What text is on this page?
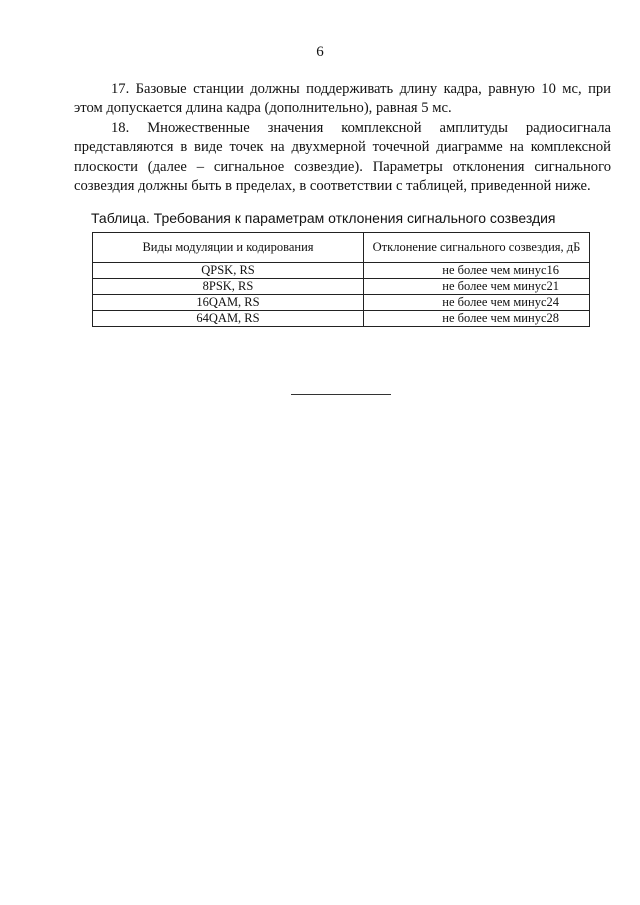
6

17. Базовые станции должны поддерживать длину кадра, равную 10 мс, при этом допускается длина кадра (дополнительно), равная 5 мс.

18. Множественные значения комплексной амплитуды радиосигнала представляются в виде точек на двухмерной точечной диаграмме на комплексной плоскости (далее – сигнальное созвездие). Параметры отклонения сигнального созвездия должны быть в пределах, в соответствии с таблицей, приведенной ниже.

Таблица. Требования к параметрам отклонения сигнального созвездия
Виды модуляции и кодирования	Отклонение сигнального созвездия, дБ
QPSK, RS	не более чем минус16
8PSK, RS	не более чем минус21
16QAM, RS	не более чем минус24
64QAM, RS	не более чем минус28
